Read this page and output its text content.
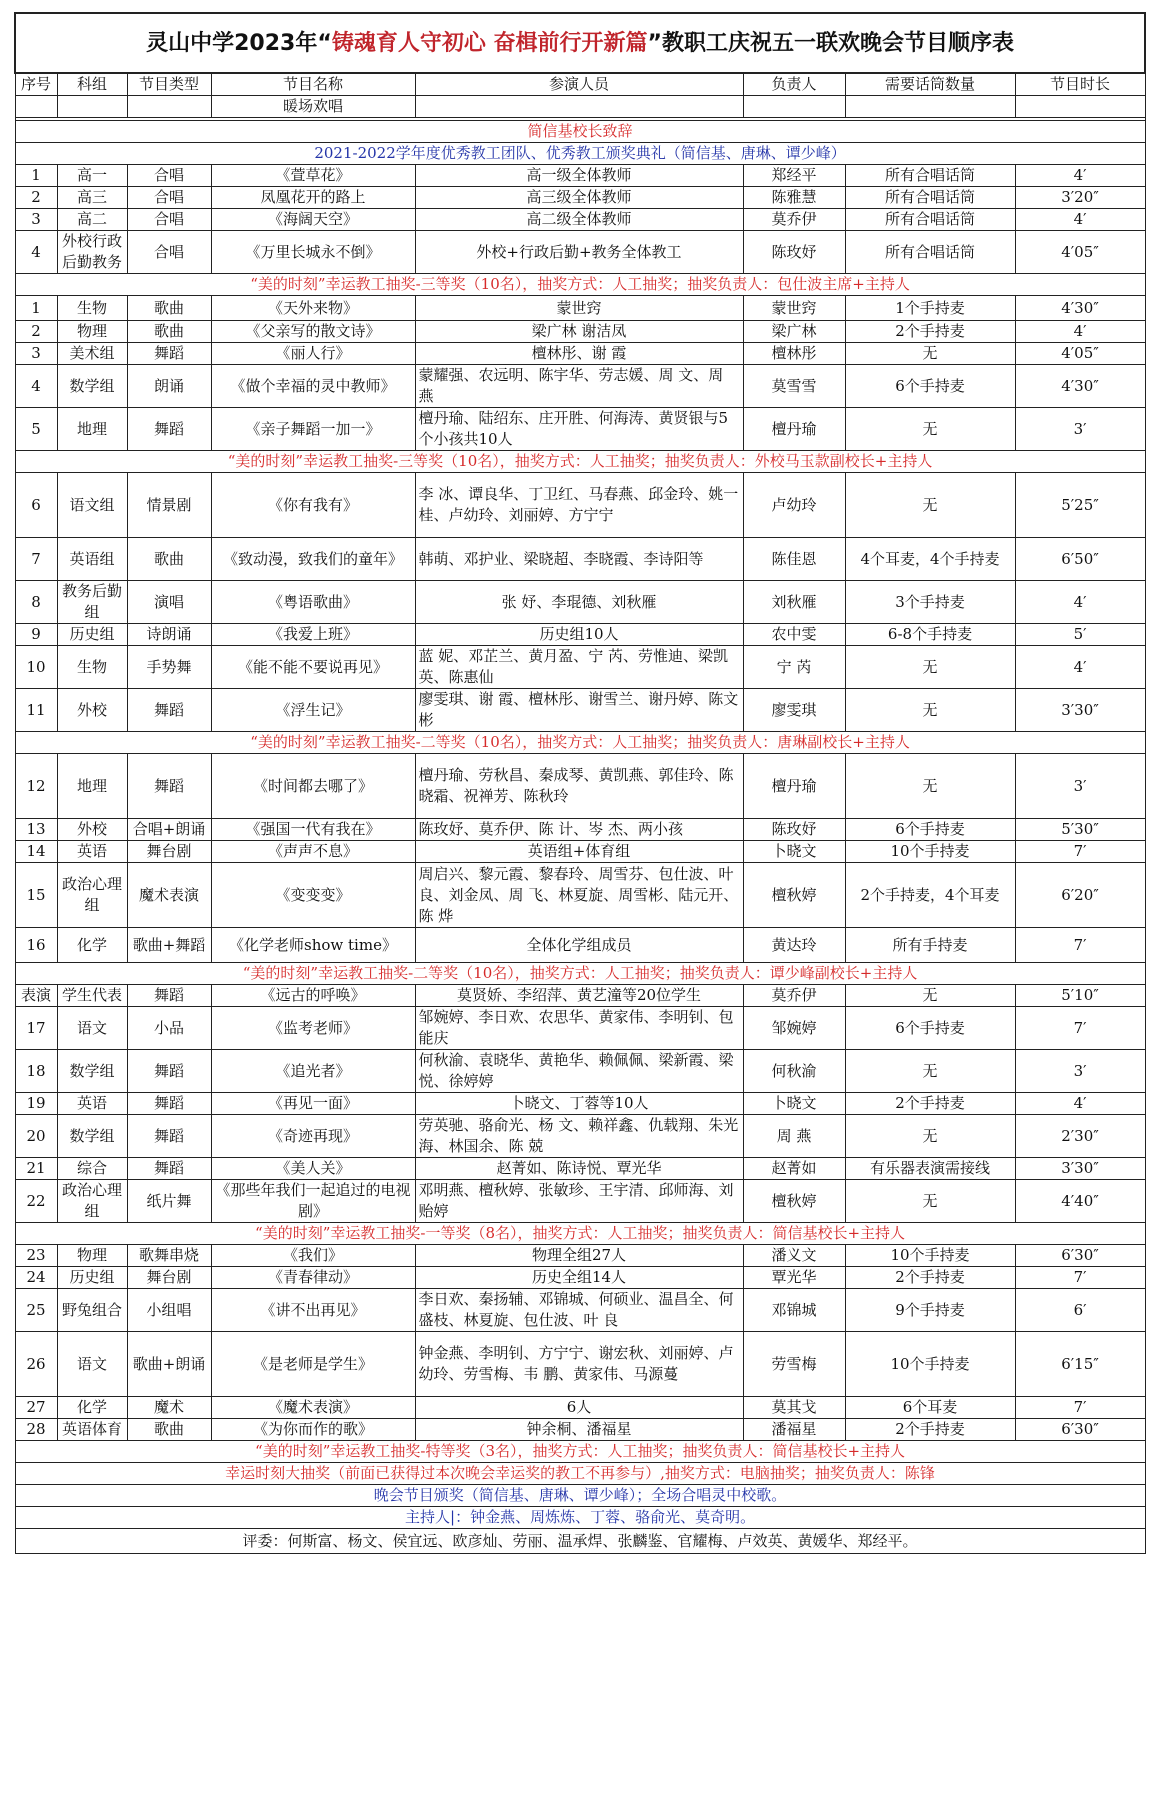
灵山中学2023年“铸魂育人守初心 奋楫前行开新篇”教职工庆祝五一联欢晚会节目顺序表							
序号	科组	节目类型	节目名称	参演人员	负责人	需要话筒数量	节目时长
			暖场欢唱				

简信基校长致辞							
2021-2022学年度优秀教工团队、优秀教工颁奖典礼（简信基、唐琳、谭少峰）							
1	高一	合唱	《萱草花》	高一级全体教师	郑经平	所有合唱话筒	4′
2	高三	合唱	凤凰花开的路上	高三级全体教师	陈雅慧	所有合唱话筒	3′20″
3	高二	合唱	《海阔天空》	高二级全体教师	莫乔伊	所有合唱话筒	4′
4	外校行政后勤教务	合唱	《万里长城永不倒》	外校+行政后勤+教务全体教工	陈玫妤	所有合唱话筒	4′05″
“美的时刻”幸运教工抽奖-三等奖（10名），抽奖方式：人工抽奖；抽奖负责人：包仕波主席+主持人							
1	生物	歌曲	《天外来物》	蒙世窍	蒙世窍	1个手持麦	4′30″
2	物理	歌曲	《父亲写的散文诗》	梁广林 谢洁凤	梁广林	2个手持麦	4′
3	美术组	舞蹈	《丽人行》	檀林彤、谢 霞	檀林彤	无	4′05″
4	数学组	朗诵	《做个幸福的灵中教师》	蒙耀强、农远明、陈宇华、劳志媛、周 文、周 燕	莫雪雪	6个手持麦	4′30″
5	地理	舞蹈	《亲子舞蹈一加一》	檀丹瑜、陆绍东、庄开胜、何海涛、黄贤银与5个小孩共10人	檀丹瑜	无	3′
“美的时刻”幸运教工抽奖-三等奖（10名），抽奖方式：人工抽奖；抽奖负责人：外校马玉款副校长+主持人							
6	语文组	情景剧	《你有我有》	李 冰、谭良华、丁卫红、马春燕、邱金玲、姚一桂、卢幼玲、刘丽婷、方宁宁	卢幼玲	无	5′25″
7	英语组	歌曲	《致动漫，致我们的童年》	韩萌、邓护业、梁晓超、李晓霞、李诗阳等	陈佳恩	4个耳麦，4个手持麦	6′50″
8	教务后勤组	演唱	《粤语歌曲》	张 妤、李琨德、刘秋雁	刘秋雁	3个手持麦	4′
9	历史组	诗朗诵	《我爱上班》	历史组10人	农中雯	6-8个手持麦	5′
10	生物	手势舞	《能不能不要说再见》	蓝 妮、邓芷兰、黄月盈、宁 芮、劳惟迪、梁凯英、陈惠仙	宁 芮	无	4′
11	外校	舞蹈	《浮生记》	廖雯琪、谢 霞、檀林彤、谢雪兰、谢丹婷、陈文彬	廖雯琪	无	3′30″
“美的时刻”幸运教工抽奖-二等奖（10名），抽奖方式：人工抽奖；抽奖负责人：唐琳副校长+主持人							
12	地理	舞蹈	《时间都去哪了》	檀丹瑜、劳秋昌、秦成琴、黄凯燕、郭佳玲、陈晓霜、祝禅芳、陈秋玲	檀丹瑜	无	3′
13	外校	合唱+朗诵	《强国一代有我在》	陈玫妤、莫乔伊、陈 计、岑 杰、两小孩	陈玫妤	6个手持麦	5′30″
14	英语	舞台剧	《声声不息》	英语组+体育组	卜晓文	10个手持麦	7′
15	政治心理组	魔术表演	《变变变》	周启兴、黎元霞、黎春玲、周雪芬、包仕波、叶 良、刘金凤、周 飞、林夏旋、周雪彬、陆元开、陈 烨	檀秋婷	2个手持麦，4个耳麦	6′20″
16	化学	歌曲+舞蹈	《化学老师show time》	全体化学组成员	黄达玲	所有手持麦	7′
“美的时刻”幸运教工抽奖-二等奖（10名），抽奖方式：人工抽奖；抽奖负责人：谭少峰副校长+主持人							
表演	学生代表	舞蹈	《远古的呼唤》	莫贤娇、李绍萍、黄艺潼等20位学生	莫乔伊	无	5′10″
17	语文	小品	《监考老师》	邹婉婷、李日欢、农思华、黄家伟、李明钊、包能庆	邹婉婷	6个手持麦	7′
18	数学组	舞蹈	《追光者》	何秋渝、袁晓华、黄艳华、赖佩佩、梁新霞、梁 悦、徐婷婷	何秋渝	无	3′
19	英语	舞蹈	《再见一面》	卜晓文、丁蓉等10人	卜晓文	2个手持麦	4′
20	数学组	舞蹈	《奇迹再现》	劳英驰、骆俞光、杨 文、赖祥鑫、仇载翔、朱光海、林国余、陈 兢	周 燕	无	2′30″
21	综合	舞蹈	《美人关》	赵菁如、陈诗悦、覃光华	赵菁如	有乐器表演需接线	3′30″
22	政治心理组	纸片舞	《那些年我们一起追过的电视剧》	邓明燕、檀秋婷、张敏珍、王宇清、邱师海、刘贻婷	檀秋婷	无	4′40″
“美的时刻”幸运教工抽奖-一等奖（8名），抽奖方式：人工抽奖；抽奖负责人：简信基校长+主持人							
23	物理	歌舞串烧	《我们》	物理全组27人	潘义文	10个手持麦	6′30″
24	历史组	舞台剧	《青春律动》	历史全组14人	覃光华	2个手持麦	7′
25	野兔组合	小组唱	《讲不出再见》	李日欢、秦扬辅、邓锦城、何硕业、温昌全、何盛枝、林夏旋、包仕波、叶 良	邓锦城	9个手持麦	6′
26	语文	歌曲+朗诵	《是老师是学生》	钟金燕、李明钊、方宁宁、谢宏秋、刘丽婷、卢幼玲、劳雪梅、韦 鹏、黄家伟、马源蔓	劳雪梅	10个手持麦	6′15″
27	化学	魔术	《魔术表演》	6人	莫其戈	6个耳麦	7′
28	英语体育	歌曲	《为你而作的歌》	钟余桐、潘福星	潘福星	2个手持麦	6′30″
“美的时刻”幸运教工抽奖-特等奖（3名），抽奖方式：人工抽奖；抽奖负责人：简信基校长+主持人							
幸运时刻大抽奖（前面已获得过本次晚会幸运奖的教工不再参与）,抽奖方式：电脑抽奖；抽奖负责人：陈锋							
晚会节目颁奖（简信基、唐琳、谭少峰）；全场合唱灵中校歌。							
主持人|：钟金燕、周炼炼、丁蓉、骆俞光、莫奇明。							
评委：何斯富、杨文、侯宜远、欧彦灿、劳丽、温承焊、张麟鉴、官耀梅、卢效英、黄媛华、郑经平。							
